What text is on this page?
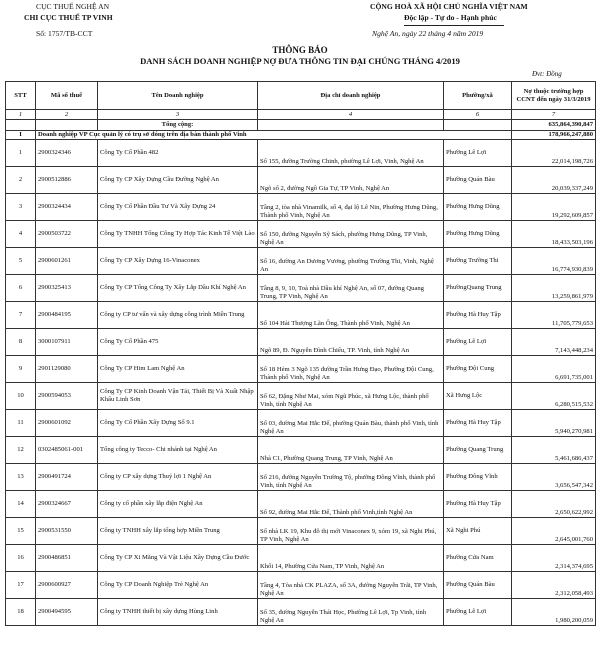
CỤC THUẾ NGHỆ AN
CHI CỤC THUẾ TP VINH
Số: 1757/TB-CCT
CỘNG HOÀ XÃ HỘI CHỦ NGHĨA VIỆT NAM
Độc lập - Tự do - Hạnh phúc
Nghệ An, ngày 22 tháng 4 năm 2019
THÔNG BÁO
DANH SÁCH DOANH NGHIỆP NỢ ĐƯA THÔNG TIN ĐẠI CHÚNG THÁNG 4/2019
Đvt: Đồng
STT	Mã số thuế	Tên Doanh nghiệp	Địa chỉ doanh nghiệp	Phường/xã	Nợ thuộc trường hợp CCNT đến ngày 31/3/2019
1	2	3	4	6	7
		Tổng cộng:			635,864,390,847
I	Doanh nghiệp VP Cục quản lý có trụ sở đóng trên địa bàn thành phố Vinh				178,966,247,880
1	2900324346	Công Ty Cổ Phần 482	Số 155, đường Trường Chinh, phường Lê Lợi, Vinh, Nghệ An	Phường Lê Lợi	22,014,198,726
2	2900512886	Công Ty CP Xây Dựng Cầu Đường Nghệ An	Ngõ số 2, đường Ngô Gia Tự, TP Vinh, Nghệ An	Phường Quán Bàu	20,039,337,249
3	2900324434	Công Ty Cổ Phần Đầu Tư Và Xây Dựng 24	Tầng 2, tòa nhà Vinamilk, số 4, đại lộ Lê Nin, Phường Hưng Dũng, Thành phố Vinh, Nghệ An	Phường Hưng Dũng	19,292,609,857
4	2900503722	Công Ty TNHH Tổng Công Ty Hợp Tác Kinh Tế Việt Lào	Số 150, đường Nguyễn Sỹ Sách, phường Hưng Dũng, TP Vinh, Nghệ An	Phường Hưng Dũng	18,433,503,196
5	2900601261	Công Ty CP Xây Dựng 16-Vinaconex	Số 16, đường An Dương Vương, phường Trường Thi, Vinh, Nghệ An	Phường Trường Thi	16,774,930,839
6	2900325413	Công Ty CP Tổng Công Ty Xây Lắp Dầu Khí Nghệ An	Tầng 8, 9, 10, Toà nhà Dầu khí Nghệ An, số 07, đường Quang Trung, TP Vinh, Nghệ An	PhườngQuang Trung	13,259,861,979
7	2900484195	Công ty CP tư vấn và xây dựng công trình Miền Trung	Số 104 Hải Thượng Lãn Ông, Thành phố Vinh, Nghệ An	Phường Hà Huy Tập	11,705,779,653
8	3000107911	Công Ty Cổ Phần 475	Ngõ 89, Đ. Nguyễn Đình Chiểu, TP. Vinh, tỉnh Nghệ An	Phường Lê Lợi	7,143,448,234
9	2901129080	Công Ty CP Him Lam Nghệ An	Số 18 Hẻm 3 Ngõ 135 đường Trần Hưng Đạo, Phường Đội Cung, Thành phố Vinh, Nghệ An	Phường Đội Cung	6,691,735,001
10	2900594053	Công Ty CP Kinh Doanh Vận Tải, Thiết Bị Và Xuất Nhập Khẩu Linh Sơn	Số 62, Đặng Như Mai, xóm Ngũ Phúc, xã Hưng Lộc, thành phố Vinh, tỉnh Nghệ An	Xã Hưng Lộc	6,280,515,532
11	2900601092	Công Ty Cổ Phần Xây Dựng Số 9.1	Số 03, đường Mai Hắc Đế, phường Quán Bàu, thành phố Vinh, tỉnh Nghệ An	Phường Hà Huy Tập	5,940,270,981
12	0302485061-001	Tổng công ty Tecco- Chi nhánh tại Nghệ An	Nhà C1, Phường Quang Trung, TP Vinh, Nghệ An	Phường Quang Trung	5,461,686,437
13	2900491724	Công ty CP xây dựng Thuỷ lợi 1 Nghệ An	Số 216, đường Nguyễn Trường Tộ, phường Đông Vĩnh, thành phố Vinh, tỉnh Nghệ An	Phường Đông Vĩnh	3,656,547,342
14	2900324667	Công ty cổ phần xây lắp điện Nghệ An	Số 92, đường Mai Hắc Đế, Thành phố Vinh,tỉnh Nghệ An	Phường Hà Huy Tập	2,650,622,992
15	2900531550	Công ty TNHH xây lắp tổng hợp Miền Trung	Số nhà LK 19, Khu đô thị mới Vinaconex 9, xóm 19, xã Nghi Phú, TP Vinh, Nghệ An	Xã Nghi Phú	2,645,001,760
16	2900486851	Công Ty CP Xi Măng Và Vật Liệu Xây Dựng Cầu Đước	Khối 14, Phường Cửa Nam, TP Vinh, Nghệ An	Phường Cửa Nam	2,314,374,695
17	2900600927	Công Ty CP Doanh Nghiệp Trẻ Nghệ An	Tầng 4, Tòa nhà CK PLAZA, số 3A, đường Nguyễn Trãi, TP Vinh, Nghệ An	Phường Quán Bàu	2,312,058,493
18	2900494595	Công ty TNHH thiết bị xây dựng Hùng Linh	Số 35, đường Nguyễn Thái Học, Phường Lê Lợi, Tp Vinh, tỉnh Nghệ An	Phường Lê Lợi	1,980,200,059
